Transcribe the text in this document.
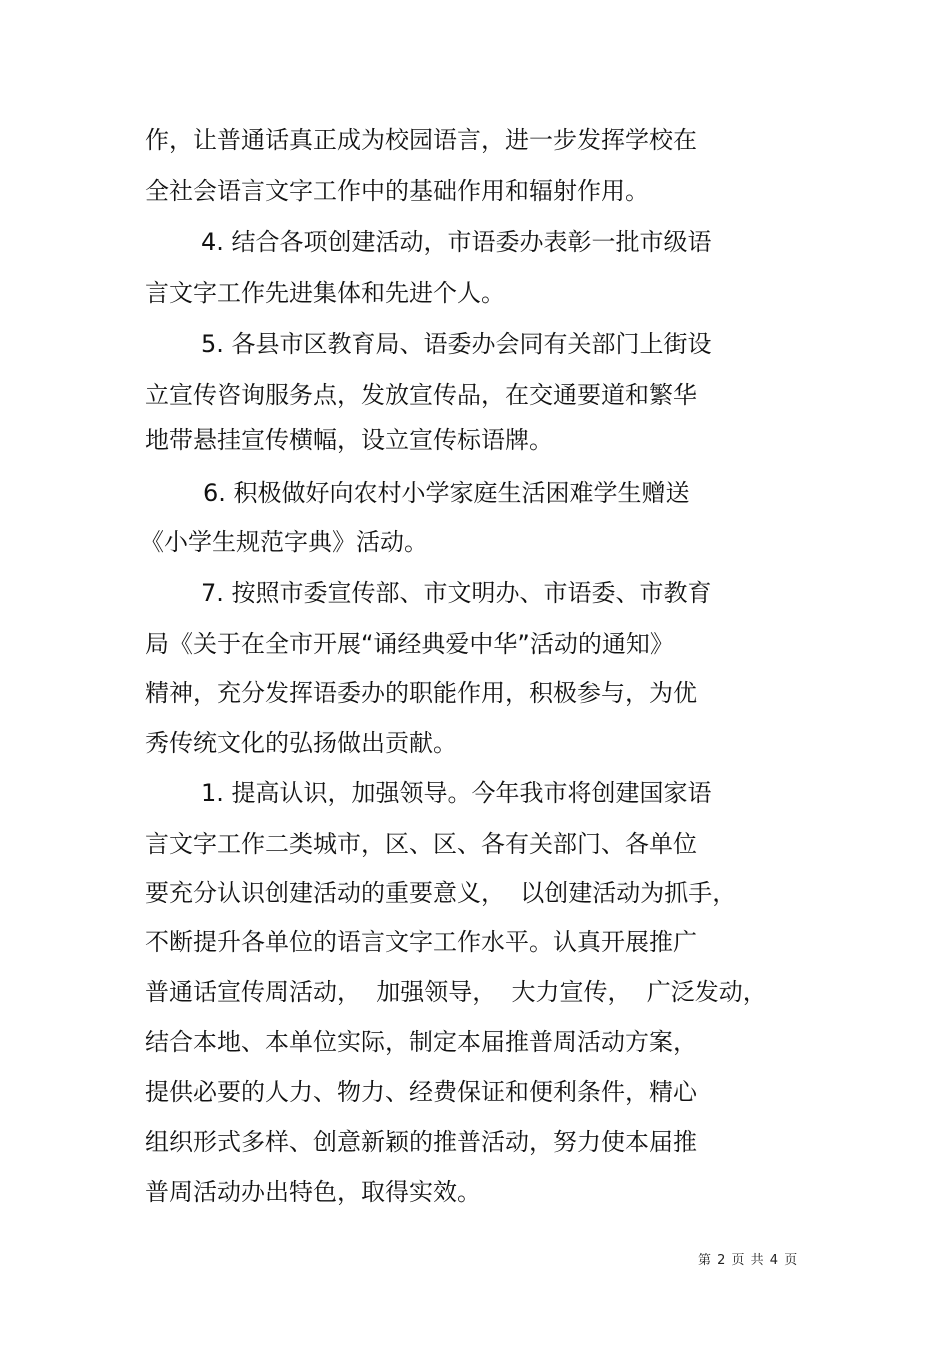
作，让普通话真正成为校园语言，进一步发挥学校在
全社会语言文字工作中的基础作用和辐射作用。
4. 结合各项创建活动，市语委办表彰一批市级语
言文字工作先进集体和先进个人。
5. 各县市区教育局、语委办会同有关部门上街设
立宣传咨询服务点，发放宣传品，在交通要道和繁华
地带悬挂宣传横幅，设立宣传标语牌。
6. 积极做好向农村小学家庭生活困难学生赠送
《小学生规范字典》活动。
7. 按照市委宣传部、市文明办、市语委、市教育
局《关于在全市开展“诵经典爱中华”活动的通知》
精神，充分发挥语委办的职能作用，积极参与，为优
秀传统文化的弘扬做出贡献。
1. 提高认识，加强领导。今年我市将创建国家语
言文字工作二类城市，区、区、各有关部门、各单位
要充分认识创建活动的重要意义，  以创建活动为抓手，
不断提升各单位的语言文字工作水平。认真开展推广
普通话宣传周活动，  加强领导，  大力宣传，  广泛发动，
结合本地、本单位实际，制定本届推普周活动方案，
提供必要的人力、物力、经费保证和便利条件，精心
组织形式多样、创意新颖的推普活动，努力使本届推
普周活动办出特色，取得实效。
第 2 页 共 4 页
